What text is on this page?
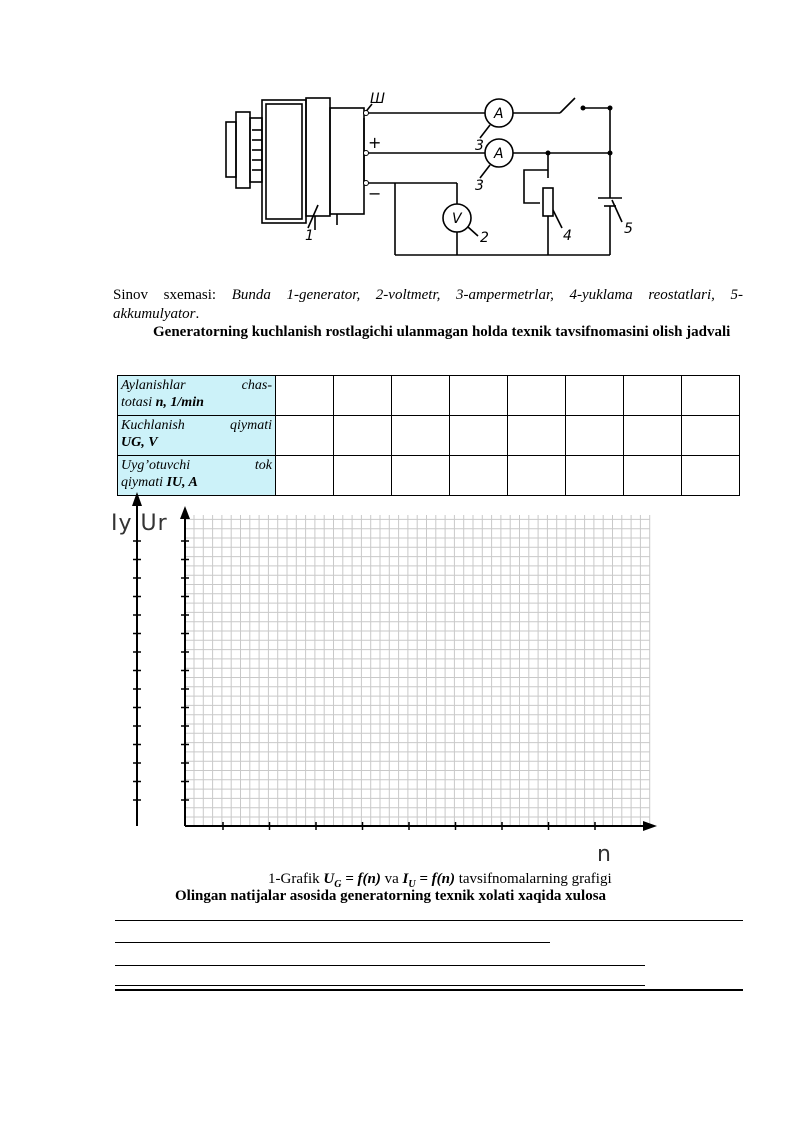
Ш
+
−
A
A
V
1	2
3
3
4	5
Sinov sxemasi: Bunda 1-generator, 2-voltmetr, 3-ampermetrlar, 4-yuklama reostatlari, 5-
akkumulyator.
Generatorning kuchlanish rostlagichi ulanmagan holda texnik tavsifnomasini olish jadvali
Aylanishlar chas-
totasi n, 1/min								

Kuchlanish qiymati
UG, V								

Uyg’otuvchi tok
qiymati IU, A								

Iy Ur
n
1-Grafik $U_G = f(n)$ va $I_U = f(n)$ tavsifnomalarning grafigi
Olingan natijalar asosida generatorning texnik xolati xaqida xulosa
